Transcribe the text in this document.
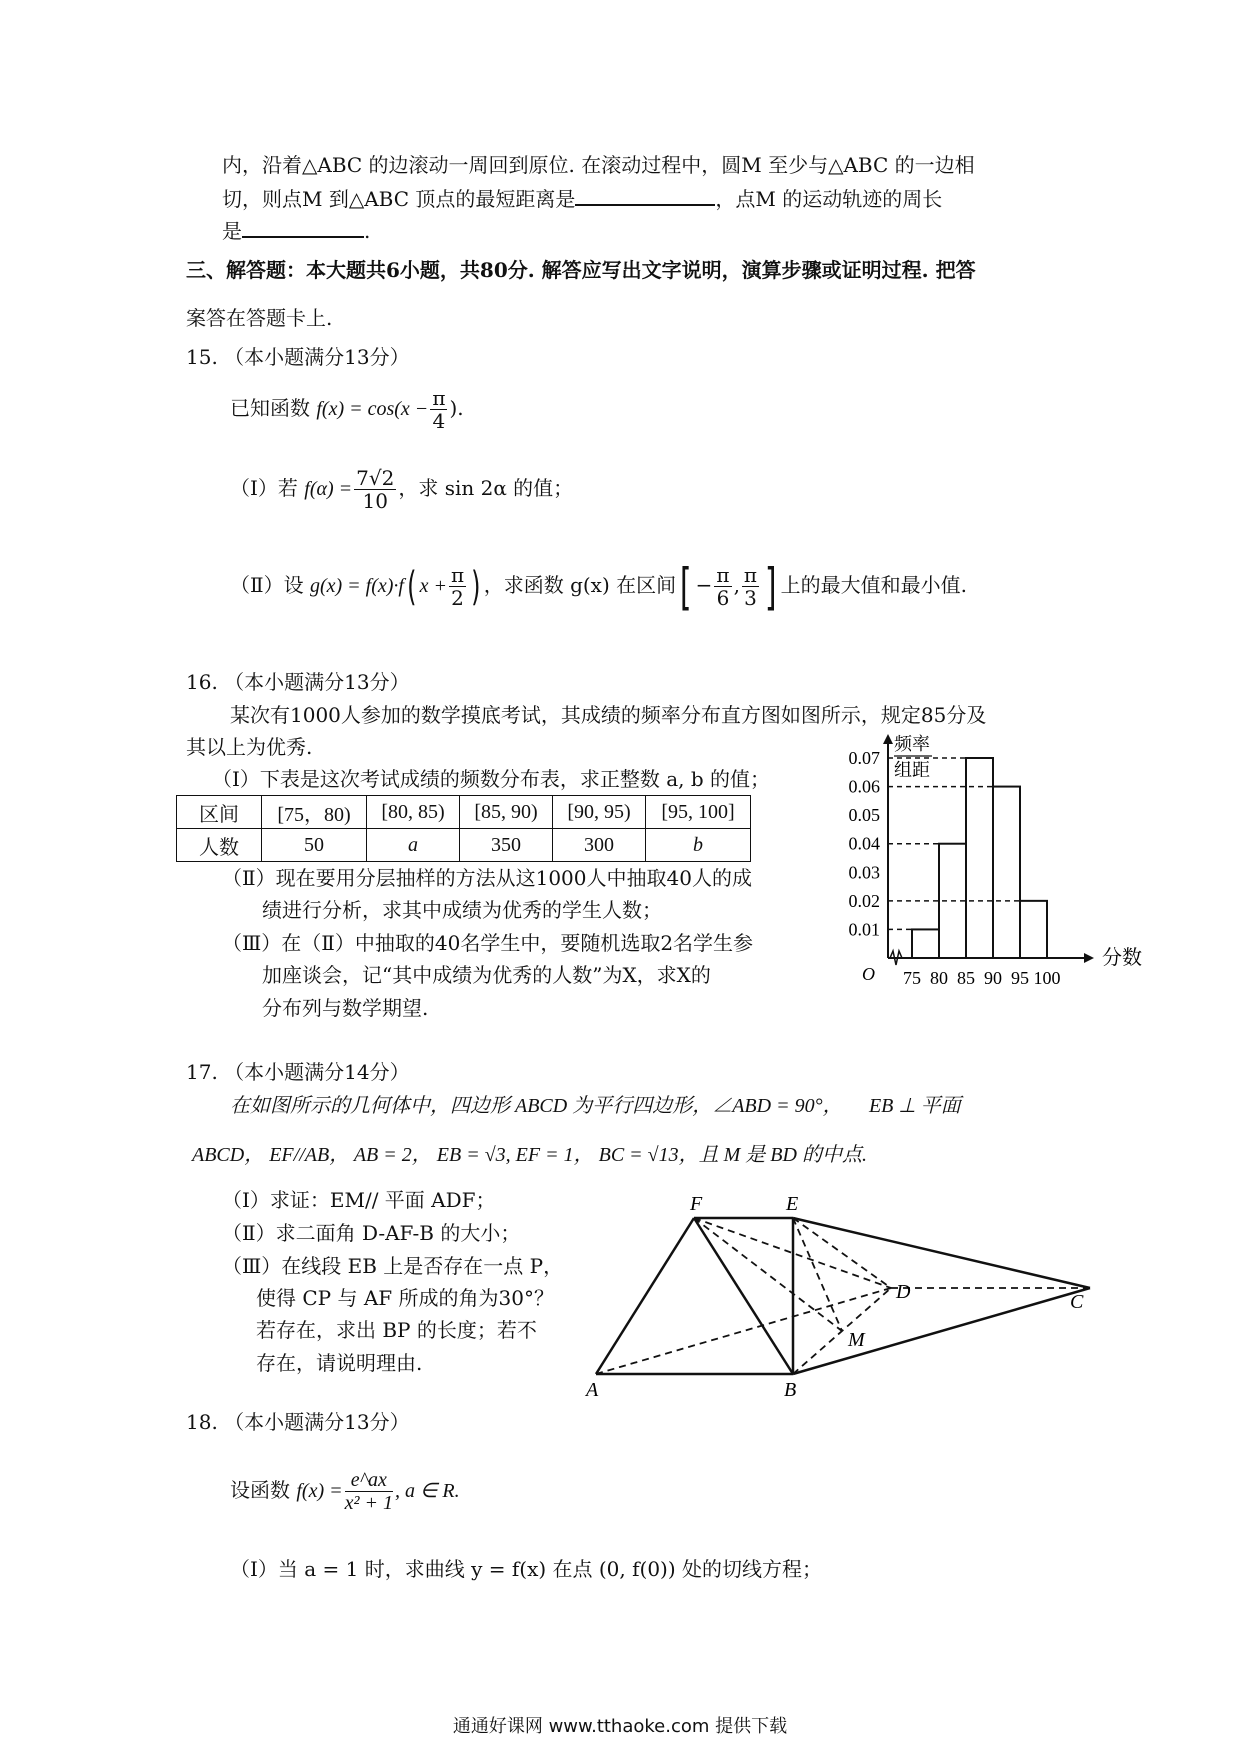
内，沿着△ABC 的边滚动一周回到原位. 在滚动过程中，圆M 至少与△ABC 的一边相
切，则点M 到△ABC 顶点的最短距离是	，点M 的运动轨迹的周长
是	.
三、解答题：本大题共6小题，共80分. 解答应写出文字说明，演算步骤或证明过程. 把答
案答在答题卡上.
15. （本小题满分13分）
已知函数 $f(x) = \cos(x - \frac{\pi}{4}$ ).
（Ⅰ）若 $f(\alpha) = \frac{7√2}{10}$ ，求 sin 2α 的值；
（Ⅱ）设 g(x) = f(x)·f( $x + \frac{\pi}{2}$ ) ，求函数 g(x) 在区间[ − $\frac{\pi}{6}$ , $\frac{\pi}{3}$ ] 上的最大值和最小值.
16. （本小题满分13分）
某次有1000人参加的数学摸底考试，其成绩的频率分布直方图如图所示，规定85分及
其以上为优秀.
（Ⅰ）下表是这次考试成绩的频数分布表，求正整数 a, b 的值；
区间	[75，80)	[80, 85)	[85, 90)	[90, 95)	[95, 100]
人数	50	a	350	300	b
（Ⅱ）现在要用分层抽样的方法从这1000人中抽取40人的成
绩进行分析，求其中成绩为优秀的学生人数；
（Ⅲ）在（Ⅱ）中抽取的40名学生中，要随机选取2名学生参
加座谈会，记“其中成绩为优秀的人数”为X，求X的
分布列与数学期望.
0.07
0.06
0.05
0.04
0.03
0.02
0.01
75 80 85 90 95 100
O
分数
频率
组距
17. （本小题满分14分）
在如图所示的几何体中，四边形 ABCD 为平行四边形，∠ABD = 90°， EB ⊥ 平面
ABCD， EF//AB， AB = 2， EB = √3, EF = 1， BC = √13，且 M 是 BD 的中点.
（Ⅰ）求证：EM// 平面 ADF；
（Ⅱ）求二面角 D-AF-B 的大小；
（Ⅲ）在线段 EB 上是否存在一点 P，
使得 CP 与 AF 所成的角为30°？
若存在，求出 BP 的长度；若不
存在，请说明理由.
F	E
D	C
M
A	B
18. （本小题满分13分）
设函数 $f(x) = \frac{e\^{}ax}{\text{x² + 1}}$ , a ∈ R.
（Ⅰ）当 a = 1 时，求曲线 y = f(x) 在点 (0, f(0)) 处的切线方程；
通通好课网 www.tthaoke.com 提供下载
